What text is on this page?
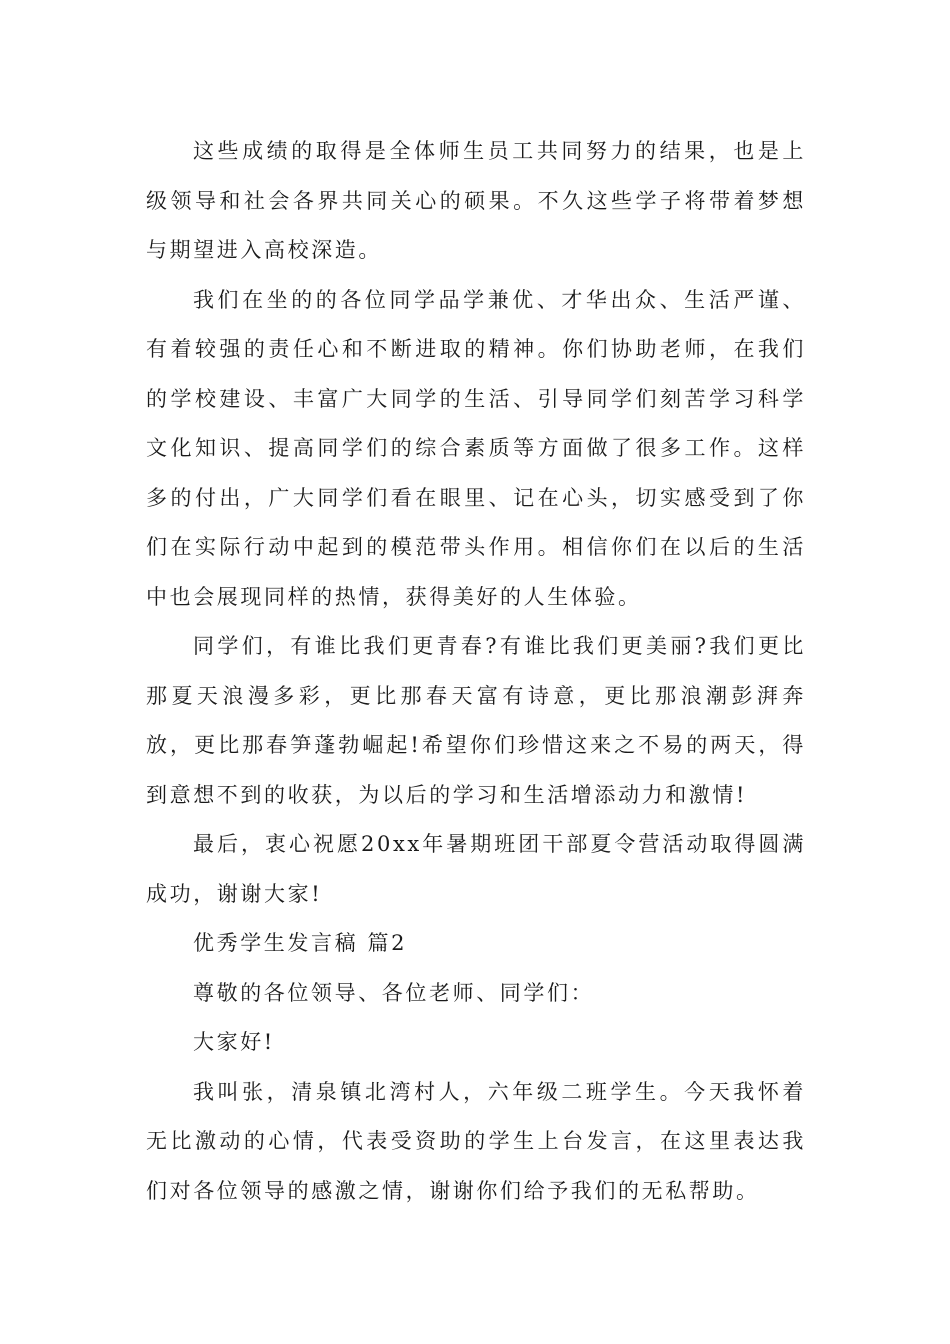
这些成绩的取得是全体师生员工共同努力的结果，也是上级领导和社会各界共同关心的硕果。不久这些学子将带着梦想与期望进入高校深造。

我们在坐的的各位同学品学兼优、才华出众、生活严谨、有着较强的责任心和不断进取的精神。你们协助老师，在我们的学校建设、丰富广大同学的生活、引导同学们刻苦学习科学文化知识、提高同学们的综合素质等方面做了很多工作。这样多的付出，广大同学们看在眼里、记在心头，切实感受到了你们在实际行动中起到的模范带头作用。相信你们在以后的生活中也会展现同样的热情，获得美好的人生体验。

同学们，有谁比我们更青春?有谁比我们更美丽?我们更比那夏天浪漫多彩，更比那春天富有诗意，更比那浪潮彭湃奔放，更比那春笋蓬勃崛起!希望你们珍惜这来之不易的两天，得到意想不到的收获，为以后的学习和生活增添动力和激情!

最后，衷心祝愿20xx年暑期班团干部夏令营活动取得圆满成功，谢谢大家!

优秀学生发言稿 篇2

尊敬的各位领导、各位老师、同学们：

大家好!

我叫张，清泉镇北湾村人，六年级二班学生。今天我怀着无比激动的心情，代表受资助的学生上台发言，在这里表达我们对各位领导的感激之情，谢谢你们给予我们的无私帮助。
